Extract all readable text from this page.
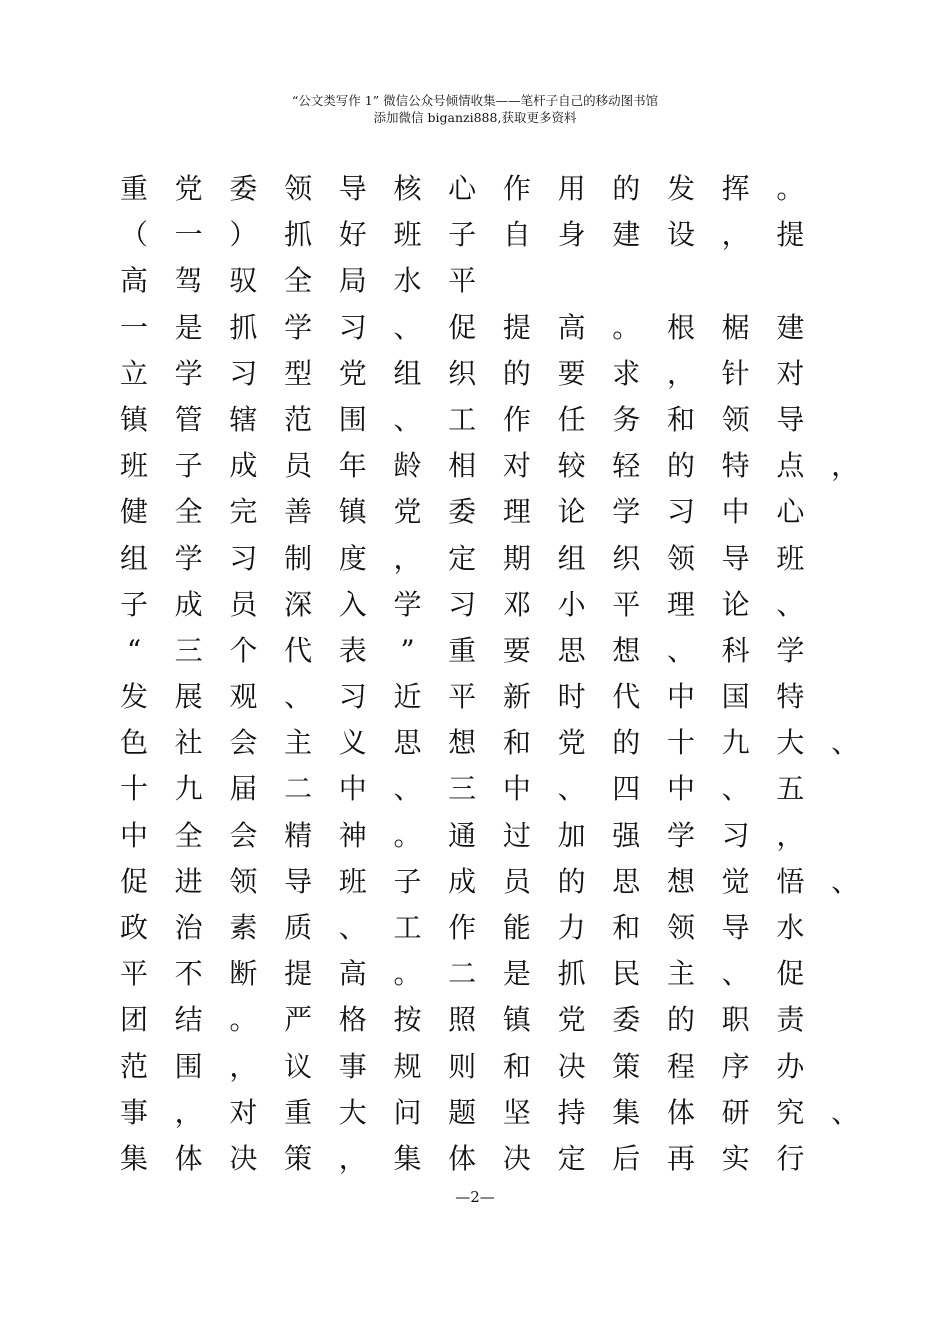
“公文类写作 1” 微信公众号倾情收集——笔杆子自己的移动图书馆
添加微信 biganzi888,获取更多资料
重 党 委 领 导 核 心 作 用 的 发 挥 。
（ 一 ） 抓 好 班 子 自 身 建 设 ， 提
高 驾 驭 全 局 水 平
一 是 抓 学 习 、 促 提 高 。 根 椐 建
立 学 习 型 党 组 织 的 要 求 ， 针 对
镇 管 辖 范 围 、 工 作 任 务 和 领 导
班 子 成 员 年 龄 相 对 较 轻 的 特 点 ，
健 全 完 善 镇 党 委 理 论 学 习 中 心
组 学 习 制 度 ， 定 期 组 织 领 导 班
子 成 员 深 入 学 习 邓 小 平 理 论 、
“	三 个 代 表	”	重 要 思 想 、 科 学
发 展 观 、 习 近 平 新 时 代 中 国 特
色 社 会 主 义 思 想 和 党 的 十 九 大 、
十 九 届 二 中 、 三 中 、 四 中 、 五
中 全 会 精 神 。 通 过 加 强 学 习 ，
促 进 领 导 班 子 成 员 的 思 想 觉 悟 、
政 治 素 质 、 工 作 能 力 和 领 导 水
平 不 断 提 高 。 二 是 抓 民 主 、 促
团 结 。 严 格 按 照 镇 党 委 的 职 责
范 围 ， 议 事 规 则 和 决 策 程 序 办
事 ， 对 重 大 问 题 坚 持 集 体 研 究 、
集 体 决 策 ， 集 体 决 定 后 再 实 行
—2—
